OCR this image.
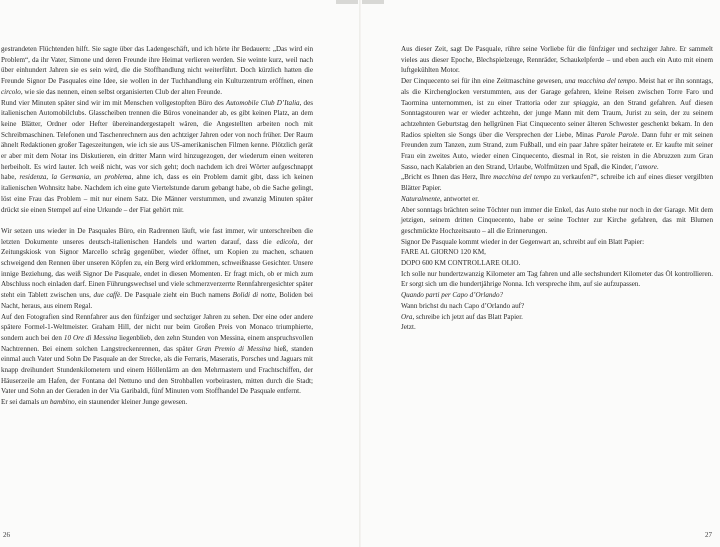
gestrandeten Flüchtenden hilft. Sie sagte über das Ladengeschäft, und ich hörte ihr Bedauern: „Das wird ein Problem“, da ihr Vater, Simone und deren Freunde ihre Heimat verlieren werden. Sie weinte kurz, weil nach über einhundert Jahren sie es sein wird, die die Stoffhandlung nicht weiterführt. Doch kürzlich hatten die Freunde Signor De Pasquales eine Idee, sie wollen in der Tuchhandlung ein Kulturzentrum eröffnen, einen circolo, wie sie das nennen, einen selbst organisierten Club der alten Freunde.

Rund vier Minuten später sind wir im mit Menschen vollgestopften Büro des Automobile Club D’Italia, des italienischen Automobilclubs. Glasscheiben trennen die Büros voneinander ab, es gibt keinen Platz, an dem keine Blätter, Ordner oder Hefter übereinandergestapelt wären, die Angestellten arbeiten noch mit Schreibmaschinen. Telefonen und Taschenrechnern aus den achtziger Jahren oder von noch früher. Der Raum ähnelt Redaktionen großer Tageszeitungen, wie ich sie aus US-amerikanischen Filmen kenne. Plötzlich gerät er aber mit dem Notar ins Diskutieren, ein dritter Mann wird hinzugezogen, der wiederum einen weiteren herbeiholt. Es wird lauter. Ich weiß nicht, was vor sich geht; doch nachdem ich drei Wörter aufgeschnappt habe, residenza, la Germania, un problema, ahne ich, dass es ein Problem damit gibt, dass ich keinen italienischen Wohnsitz habe. Nachdem ich eine gute Viertelstunde darum gebangt habe, ob die Sache gelingt, löst eine Frau das Problem – mit nur einem Satz. Die Männer verstummen, und zwanzig Minuten später drückt sie einen Stempel auf eine Urkunde – der Fiat gehört mir.

Wir setzen uns wieder in De Pasquales Büro, ein Radrennen läuft, wie fast immer, wir unterschreiben die letzten Dokumente unseres deutsch-italienischen Handels und warten darauf, dass die edicola, der Zeitungskiosk von Signor Marcello schräg gegenüber, wieder öffnet, um Kopien zu machen, schauen schweigend den Rennen über unseren Köpfen zu, ein Berg wird erklommen, schweißnasse Gesichter. Unsere innige Beziehung, das weiß Signor De Pasquale, endet in diesen Momenten. Er fragt mich, ob er mich zum Abschluss noch einladen darf. Einen Führungswechsel und viele schmerzverzerrte Rennfahrergesichter später steht ein Tablett zwischen uns, due caffè. De Pasquale zieht ein Buch namens Bolidi di notte, Boliden bei Nacht, heraus, aus einem Regal.

Auf den Fotografien sind Rennfahrer aus den fünfziger und sechziger Jahren zu sehen. Der eine oder andere spätere Formel-1-Weltmeister. Graham Hill, der nicht nur beim Großen Preis von Monaco triumphierte, sondern auch bei den 10 Ore di Messina liegenblieb, den zehn Stunden von Messina, einem anspruchsvollen Nachtrennen. Bei einem solchen Langstreckenrennen, das später Gran Premio di Messina hieß, standen einmal auch Vater und Sohn De Pasquale an der Strecke, als die Ferraris, Maseratis, Porsches und Jaguars mit knapp dreihundert Stundenkilometern und einem Höllenlärm an den Mehrmastern und Frachtschiffen, der Häuserzeile am Hafen, der Fontana del Nettuno und den Strohballen vorbeirasten, mitten durch die Stadt; Vater und Sohn an der Geraden in der Via Garibaldi, fünf Minuten vom Stoffhandel De Pasquale entfernt.

Er sei damals un bambino, ein staunender kleiner Junge gewesen.

26

Aus dieser Zeit, sagt De Pasquale, rühre seine Vorliebe für die fünfziger und sechziger Jahre. Er sammelt vieles aus dieser Epoche, Blechspielzeuge, Rennräder, Schaukelpferde – und eben auch ein Auto mit einem luftgekühlten Motor.

Der Cinquecento sei für ihn eine Zeitmaschine gewesen, una macchina del tempo. Meist hat er ihn sonntags, als die Kirchenglocken verstummten, aus der Garage gefahren, kleine Reisen zwischen Torre Faro und Taormina unternommen, ist zu einer Trattoria oder zur spiaggia, an den Strand gefahren. Auf diesen Sonntagstouren war er wieder achtzehn, der junge Mann mit dem Traum, Jurist zu sein, der zu seinem achtzehnten Geburtstag den hellgrünen Fiat Cinquecento seiner älteren Schwester geschenkt bekam. In den Radios spielten sie Songs über die Versprechen der Liebe, Minas Parole Parole. Dann fuhr er mit seinen Freunden zum Tanzen, zum Strand, zum Fußball, und ein paar Jahre später heiratete er. Er kaufte mit seiner Frau ein zweites Auto, wieder einen Cinquecento, diesmal in Rot, sie reisten in die Abruzzen zum Gran Sasso, nach Kalabrien an den Strand, Urlaube, Wolfmützen und Spaß, die Kinder, l’amore.

„Bricht es Ihnen das Herz, Ihre macchina del tempo zu verkaufen?“, schreibe ich auf eines dieser vergilbten Blätter Papier.

Naturalmente, antwortet er.

Aber sonntags brächten seine Töchter nun immer die Enkel, das Auto stehe nur noch in der Garage. Mit dem jetzigen, seinem dritten Cinquecento, habe er seine Tochter zur Kirche gefahren, das mit Blumen geschmückte Hochzeitsauto – all die Erinnerungen.

Signor De Pasquale kommt wieder in der Gegenwart an, schreibt auf ein Blatt Papier:

FARE AL GIORNO 120 KM,

DOPO 600 KM CONTROLLARE OLIO.

Ich solle nur hundertzwanzig Kilometer am Tag fahren und alle sechshundert Kilometer das Öl kontrollieren. Er sorgt sich um die hundertjährige Nonna. Ich verspreche ihm, auf sie aufzupassen.

Quando parti per Capo d’Orlando?

Wann brichst du nach Capo d’Orlando auf?

Ora, schreibe ich jetzt auf das Blatt Papier.

Jetzt.

27
